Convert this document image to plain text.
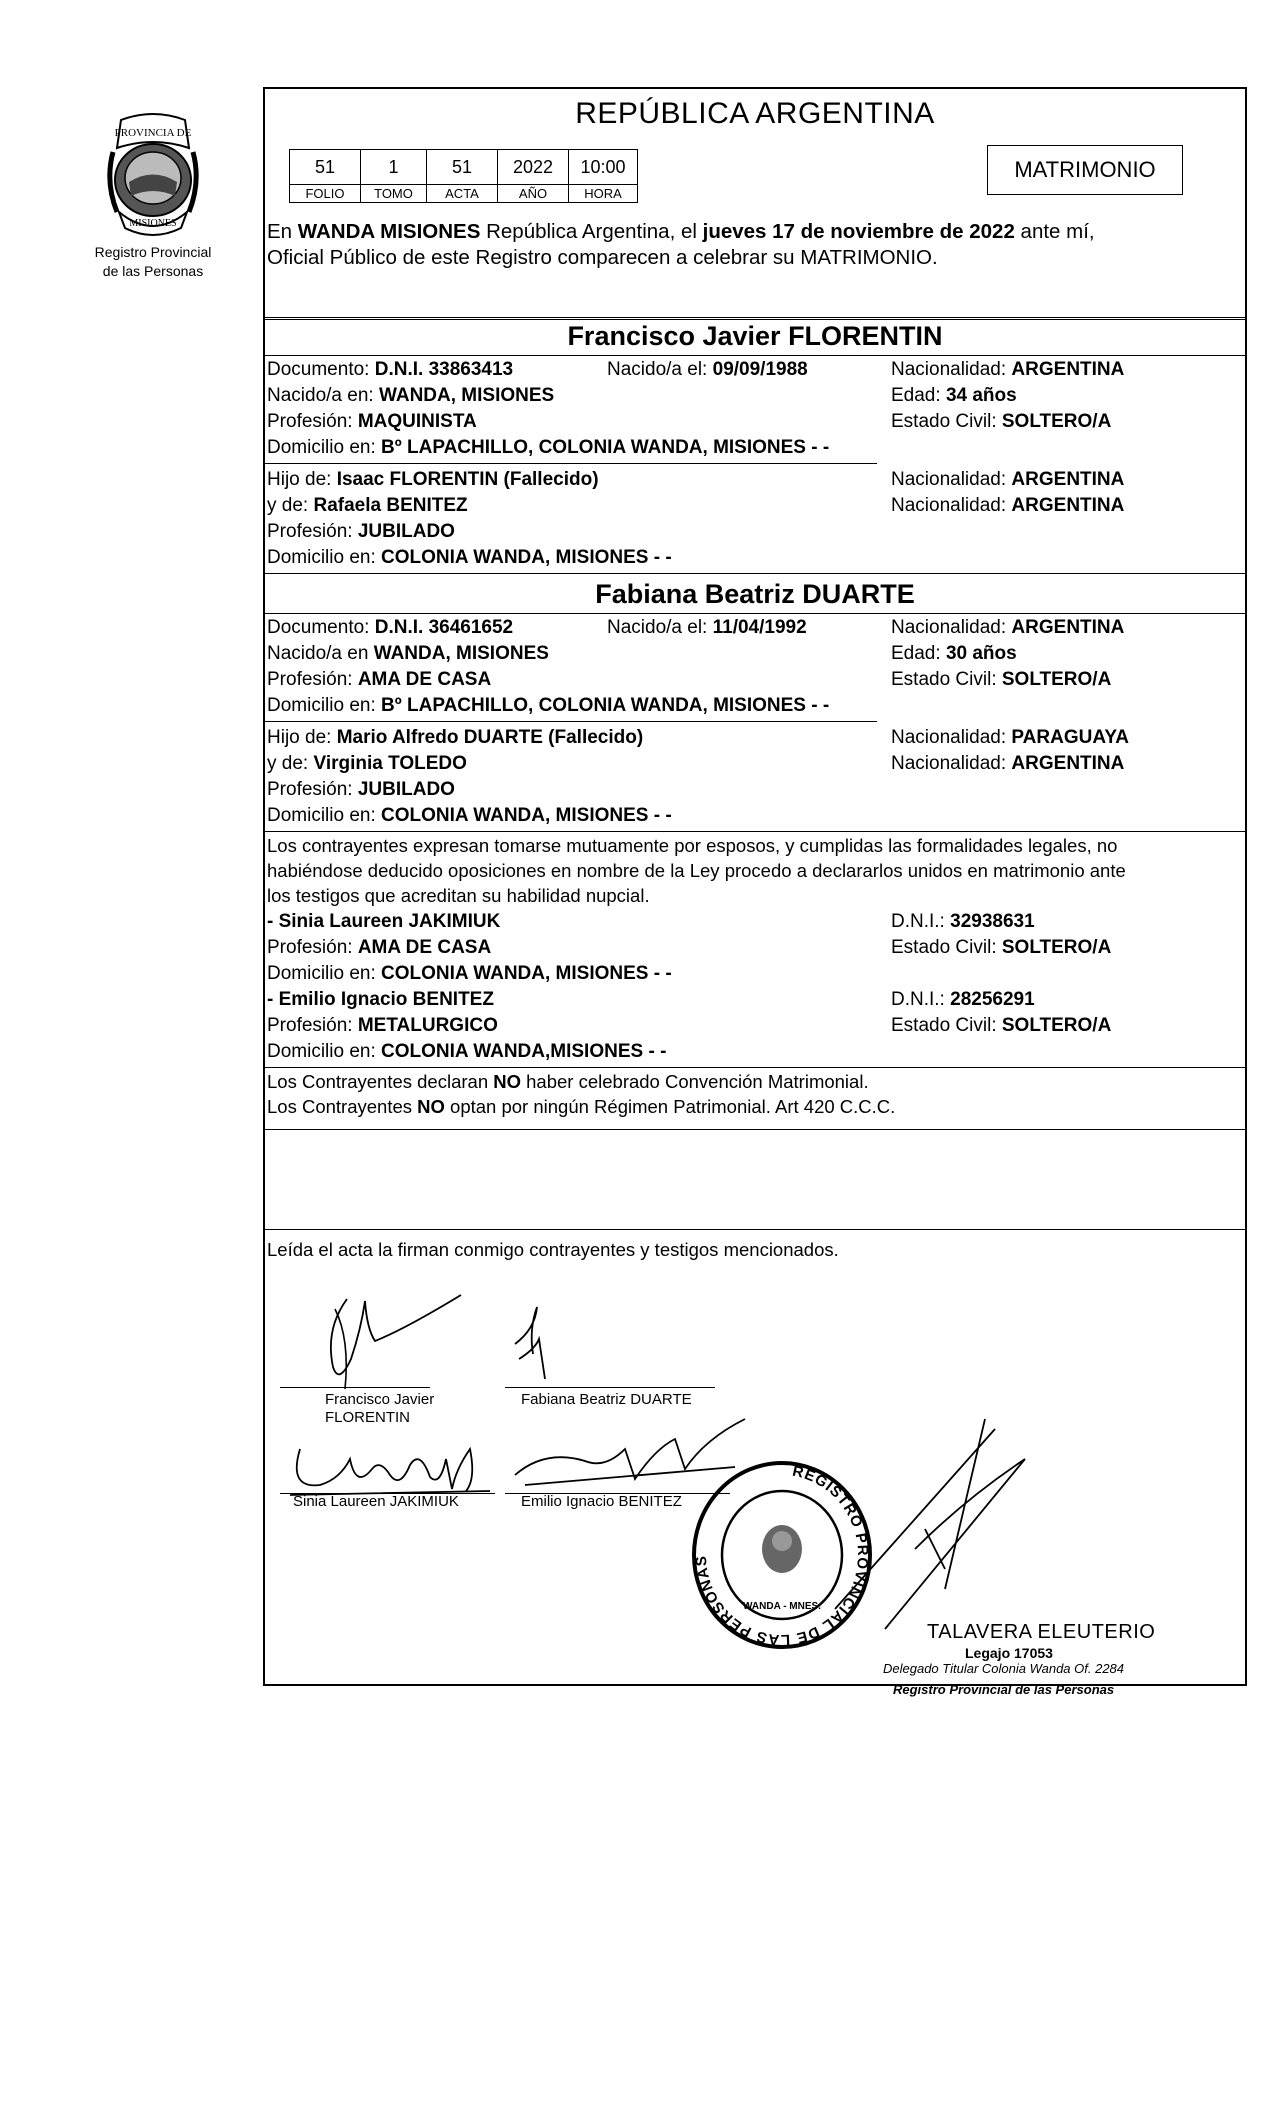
PROVINCIA DE
MISIONES
Registro Provincial
de las Personas
REPÚBLICA ARGENTINA
51	1	51	2022	10:00
FOLIO	TOMO	ACTA	AÑO	HORA
MATRIMONIO
En WANDA MISIONES República Argentina, el jueves 17 de noviembre de 2022 ante mí,
Oficial Público de este Registro comparecen a celebrar su MATRIMONIO.
Francisco Javier FLORENTIN
Documento: D.N.I. 33863413	Nacido/a el: 09/09/1988	Nacionalidad: ARGENTINA
Nacido/a en: WANDA, MISIONES	Edad: 34 años
Profesión: MAQUINISTA	Estado Civil: SOLTERO/A
Domicilio en: Bº LAPACHILLO, COLONIA WANDA, MISIONES - -
Hijo de: Isaac FLORENTIN (Fallecido)	Nacionalidad: ARGENTINA
y de: Rafaela BENITEZ	Nacionalidad: ARGENTINA
Profesión: JUBILADO
Domicilio en: COLONIA WANDA, MISIONES - -
Fabiana Beatriz DUARTE
Documento: D.N.I. 36461652	Nacido/a el: 11/04/1992	Nacionalidad: ARGENTINA
Nacido/a en WANDA, MISIONES	Edad: 30 años
Profesión: AMA DE CASA	Estado Civil: SOLTERO/A
Domicilio en: Bº LAPACHILLO, COLONIA WANDA, MISIONES - -
Hijo de: Mario Alfredo DUARTE (Fallecido)	Nacionalidad: PARAGUAYA
y de: Virginia TOLEDO	Nacionalidad: ARGENTINA
Profesión: JUBILADO
Domicilio en: COLONIA WANDA, MISIONES - -
Los contrayentes expresan tomarse mutuamente por esposos, y cumplidas las formalidades legales, no
habiéndose deducido oposiciones en nombre de la Ley procedo a declararlos unidos en matrimonio ante
los testigos que acreditan su habilidad nupcial.
- Sinia Laureen JAKIMIUK	D.N.I.: 32938631
Profesión: AMA DE CASA	Estado Civil: SOLTERO/A
Domicilio en: COLONIA WANDA, MISIONES - -
- Emilio Ignacio BENITEZ	D.N.I.: 28256291
Profesión: METALURGICO	Estado Civil: SOLTERO/A
Domicilio en: COLONIA WANDA,MISIONES - -
Los Contrayentes declaran NO haber celebrado Convención Matrimonial.
Los Contrayentes NO optan por ningún Régimen Patrimonial. Art 420 C.C.C.
Leída el acta la firman conmigo contrayentes y testigos mencionados.
Francisco Javier
FLORENTIN
Fabiana Beatriz DUARTE
Sinia Laureen JAKIMIUK	Emilio Ignacio BENITEZ
REGISTRO PROVINCIAL DE LAS PERSONAS
WANDA - MNES.
TALAVERA ELEUTERIO
Legajo 17053
Delegado Titular Colonia Wanda Of. 2284
Registro Provincial de las Personas
